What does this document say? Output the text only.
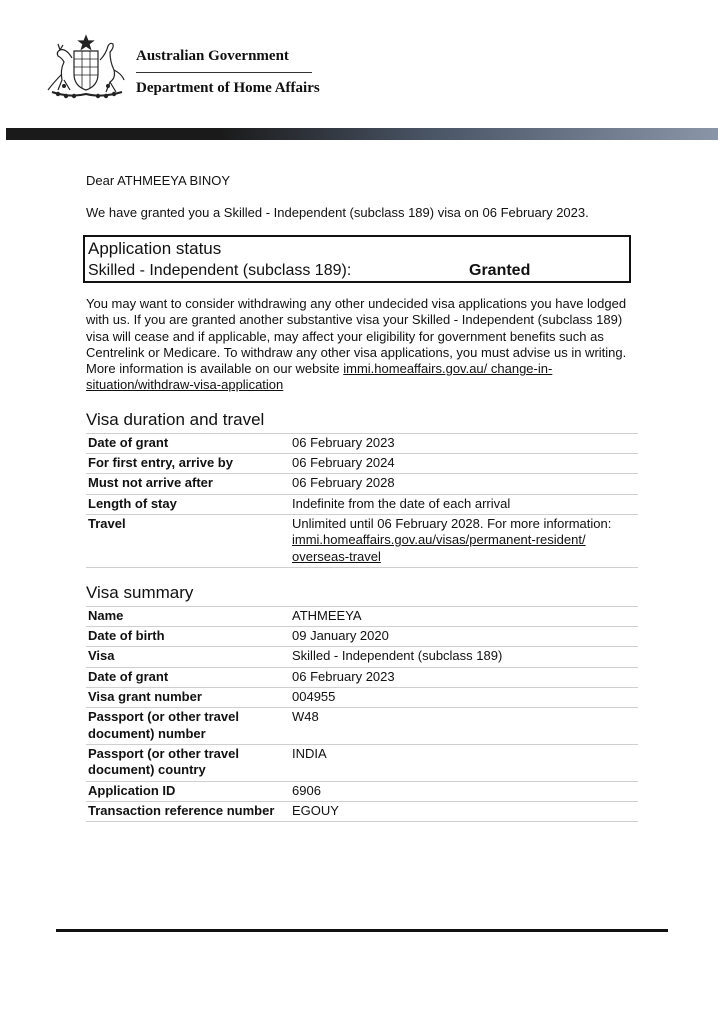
Australian Government
Department of Home Affairs

Dear ATHMEEYA BINOY

We have granted you a Skilled - Independent (subclass 189) visa on 06 February 2023.

Application status
Skilled - Independent (subclass 189):	Granted

You may want to consider withdrawing any other undecided visa applications you have lodged with us. If you are granted another substantive visa your Skilled - Independent (subclass 189) visa will cease and if applicable, may affect your eligibility for government benefits such as Centrelink or Medicare. To withdraw any other visa applications, you must advise us in writing. More information is available on our website immi.homeaffairs.gov.au/ change-in-situation/withdraw-visa-application

Visa duration and travel
Date of grant	06 February 2023
For first entry, arrive by	06 February 2024
Must not arrive after	06 February 2028
Length of stay	Indefinite from the date of each arrival
Travel	Unlimited until 06 February 2028. For more information:
immi.homeaffairs.gov.au/visas/permanent-resident/ overseas-travel
Visa summary
Name	ATHMEEYA
Date of birth	09 January 2020
Visa	Skilled - Independent (subclass 189)
Date of grant	06 February 2023
Visa grant number	004955
Passport (or other travel document) number	W48
Passport (or other travel document) country	INDIA
Application ID	6906
Transaction reference number	EGOUY
